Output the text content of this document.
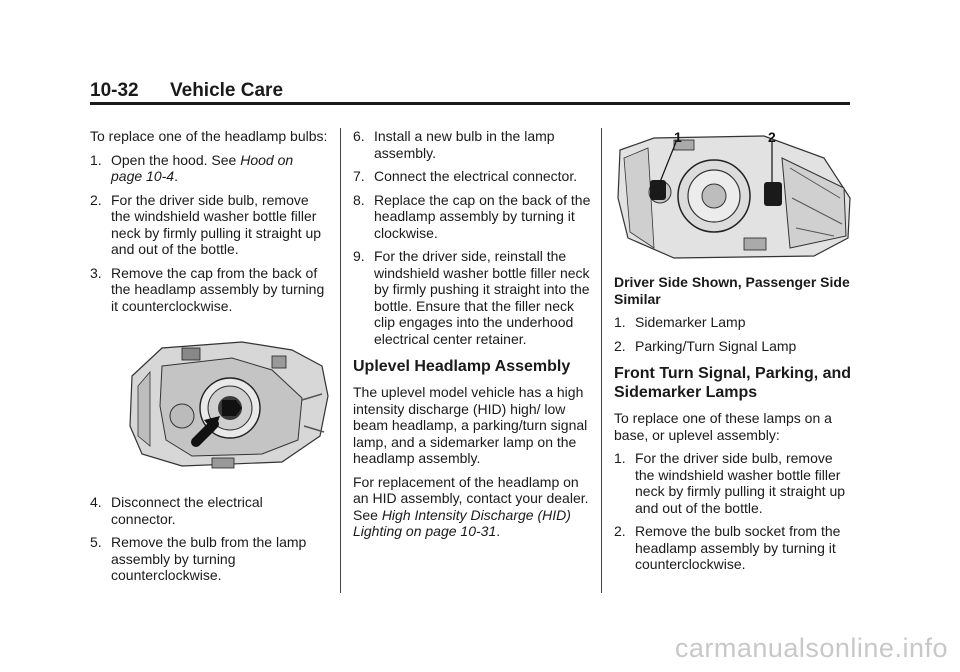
10-32 Vehicle Care

To replace one of the headlamp bulbs:

1. Open the hood. See Hood on page 10-4.
2. For the driver side bulb, remove the windshield washer bottle filler neck by firmly pulling it straight up and out of the bottle.
3. Remove the cap from the back of the headlamp assembly by turning it counterclockwise.
4. Disconnect the electrical connector.
5. Remove the bulb from the lamp assembly by turning counterclockwise.
6. Install a new bulb in the lamp assembly.
7. Connect the electrical connector.
8. Replace the cap on the back of the headlamp assembly by turning it clockwise.
9. For the driver side, reinstall the windshield washer bottle filler neck by firmly pushing it straight into the bottle. Ensure that the filler neck clip engages into the underhood electrical center retainer.
Uplevel Headlamp Assembly

The uplevel model vehicle has a high intensity discharge (HID) high/ low beam headlamp, a parking/turn signal lamp, and a sidemarker lamp on the headlamp assembly.

For replacement of the headlamp on an HID assembly, contact your dealer. See High Intensity Discharge (HID) Lighting on page 10-31.

1	2

Driver Side Shown, Passenger Side Similar

1. Sidemarker Lamp
2. Parking/Turn Signal Lamp
Front Turn Signal, Parking, and Sidemarker Lamps

To replace one of these lamps on a base, or uplevel assembly:

1. For the driver side bulb, remove the windshield washer bottle filler neck by firmly pulling it straight up and out of the bottle.
2. Remove the bulb socket from the headlamp assembly by turning it counterclockwise.
carmanualsonline.info
